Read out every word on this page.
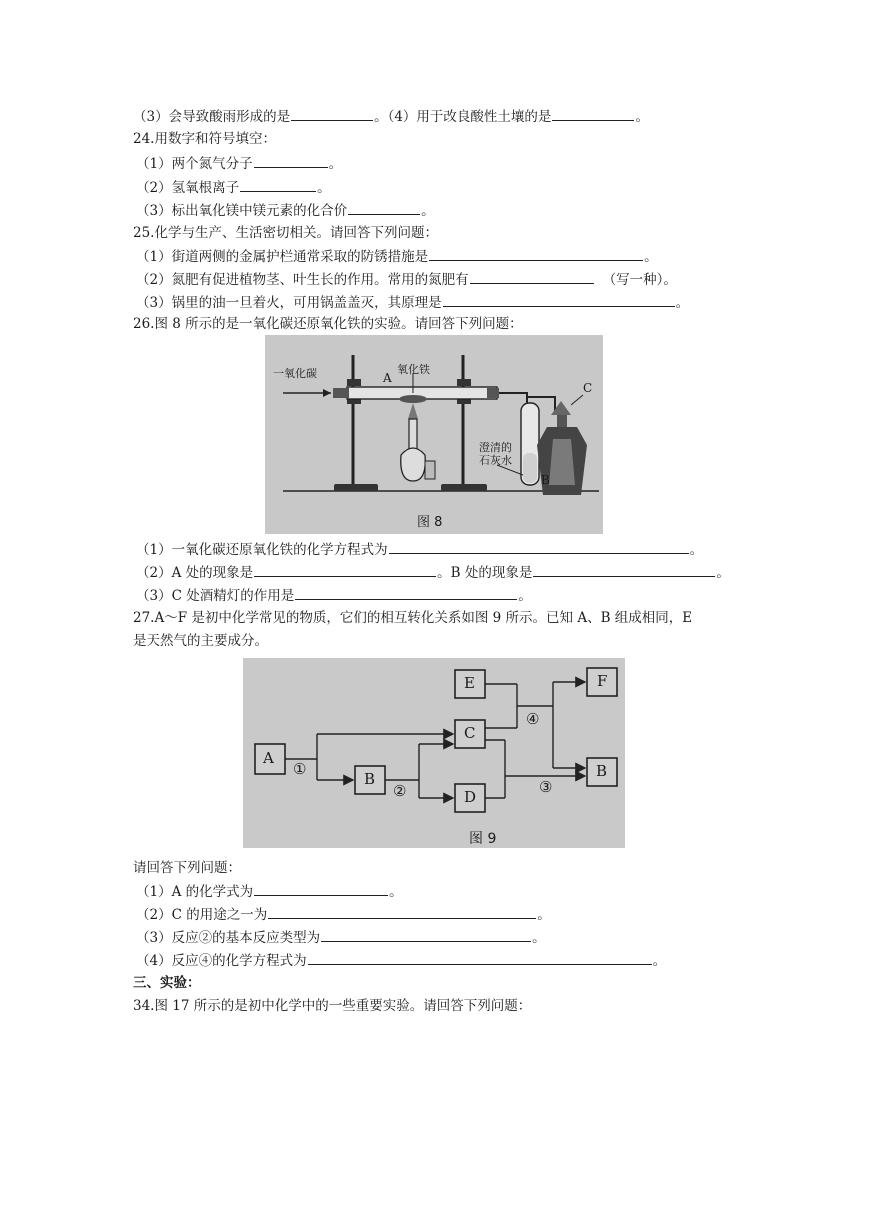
（3）会导致酸雨形成的是	。（4）用于改良酸性土壤的是	。
24.用数字和符号填空：
（1）两个氮气分子	。
（2）氢氧根离子	。
（3）标出氧化镁中镁元素的化合价	。
25.化学与生产、生活密切相关。请回答下列问题：
（1）街道两侧的金属护栏通常采取的防锈措施是	。
（2）氮肥有促进植物茎、叶生长的作用。常用的氮肥有	（写一种）。
（3）锅里的油一旦着火，可用锅盖盖灭，其原理是	。
26.图 8 所示的是一氧化碳还原氧化铁的实验。请回答下列问题：
一氧化碳	A
氧化铁
C
澄清的
石灰水
B
图 8
（1）一氧化碳还原氧化铁的化学方程式为	。
（2）A 处的现象是	。B 处的现象是	。
（3）C 处酒精灯的作用是	。
27.A～F 是初中化学常见的物质，它们的相互转化关系如图 9 所示。已知 A、B 组成相同，E
是天然气的主要成分。
A
B
C
D
E	F
B
①
②	③
④
图 9
请回答下列问题：
（1）A 的化学式为	。
（2）C 的用途之一为	。
（3）反应②的基本反应类型为	。
（4）反应④的化学方程式为	。
三、实验：
34.图 17 所示的是初中化学中的一些重要实验。请回答下列问题：
